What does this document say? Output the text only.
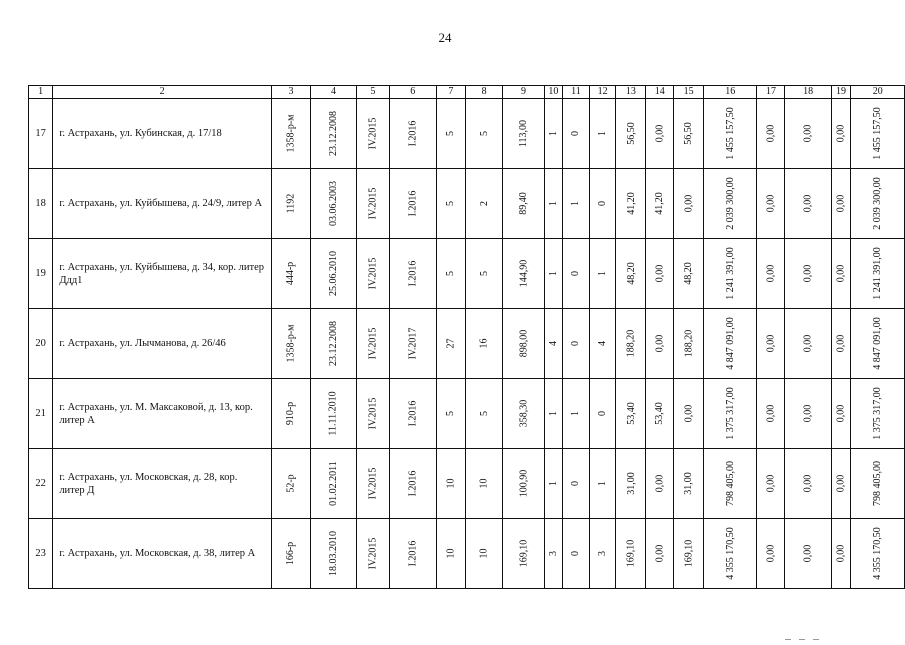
24
1	2	3	4	5	6	7	8	9	10	11	12	13	14	15	16	17	18	19	20
17	г. Астрахань, ул. Кубинская, д. 17/18	1358-р-м	23.12.2008	IV.2015	I.2016	5	5	113,00	1	0	1	56,50	0,00	56,50	1 455 157,50	0,00	0,00	0,00	1 455 157,50
18	г. Астрахань, ул. Куйбышева, д. 24/9, литер А	1192	03.06.2003	IV.2015	I.2016	5	2	89,40	1	1	0	41,20	41,20	0,00	2 039 300,00	0,00	0,00	0,00	2 039 300,00
19	г. Астрахань, ул. Куйбышева, д. 34, кор. литер Ддд1	444-р	25.06.2010	IV.2015	I.2016	5	5	144,90	1	0	1	48,20	0,00	48,20	1 241 391,00	0,00	0,00	0,00	1 241 391,00
20	г. Астрахань, ул. Лычманова, д. 26/46	1358-р-м	23.12.2008	IV.2015	IV.2017	27	16	898,00	4	0	4	188,20	0,00	188,20	4 847 091,00	0,00	0,00	0,00	4 847 091,00
21	г. Астрахань, ул. М. Максаковой, д. 13, кор. литер А	910-р	11.11.2010	IV.2015	I.2016	5	5	358,30	1	1	0	53,40	53,40	0,00	1 375 317,00	0,00	0,00	0,00	1 375 317,00
22	г. Астрахань, ул. Московская, д. 28, кор. литер Д	52-р	01.02.2011	IV.2015	I.2016	10	10	100,90	1	0	1	31,00	0,00	31,00	798 405,00	0,00	0,00	0,00	798 405,00
23	г. Астрахань, ул. Московская, д. 38, литер А	166-р	18.03.2010	IV.2015	I.2016	10	10	169,10	3	0	3	169,10	0,00	169,10	4 355 170,50	0,00	0,00	0,00	4 355 170,50
